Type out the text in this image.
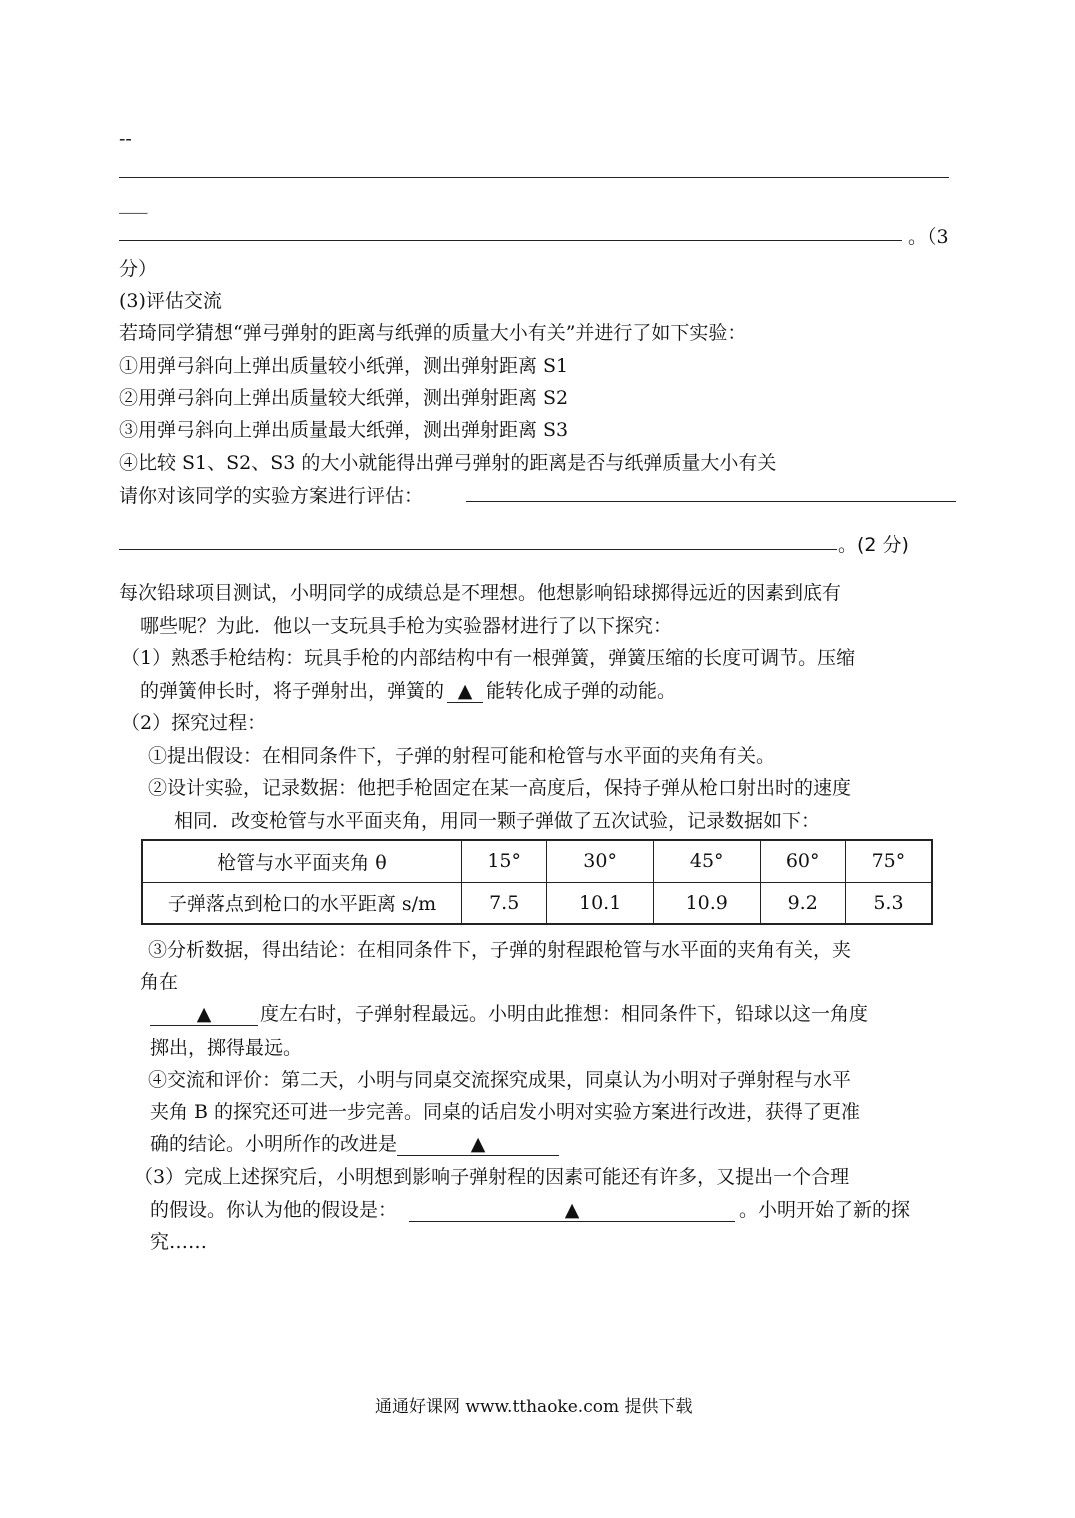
--
___
。（3
分）
(3)评估交流
若琦同学猜想“弹弓弹射的距离与纸弹的质量大小有关”并进行了如下实验：
①用弹弓斜向上弹出质量较小纸弹，测出弹射距离 S1
②用弹弓斜向上弹出质量较大纸弹，测出弹射距离 S2
③用弹弓斜向上弹出质量最大纸弹，测出弹射距离 S3
④比较 S1、S2、S3 的大小就能得出弹弓弹射的距离是否与纸弹质量大小有关
请你对该同学的实验方案进行评估：
。(2 分)
每次铅球项目测试，小明同学的成绩总是不理想。他想影响铅球掷得远近的因素到底有
哪些呢？为此．他以一支玩具手枪为实验器材进行了以下探究：
（1）熟悉手枪结构：玩具手枪的内部结构中有一根弹簧，弹簧压缩的长度可调节。压缩
的弹簧伸长时，将子弹射出，弹簧的 ▲ 能转化成子弹的动能。
（2）探究过程：
①提出假设：在相同条件下，子弹的射程可能和枪管与水平面的夹角有关。
②设计实验，记录数据：他把手枪固定在某一高度后，保持子弹从枪口射出时的速度
相同．改变枪管与水平面夹角，用同一颗子弹做了五次试验，记录数据如下：
枪管与水平面夹角 θ	15°	30°	45°	60°	75°
子弹落点到枪口的水平距离 s/m	7.5	10.1	10.9	9.2	5.3
③分析数据，得出结论：在相同条件下，子弹的射程跟枪管与水平面的夹角有关，夹
角在
▲	度左右时，子弹射程最远。小明由此推想：相同条件下，铅球以这一角度
掷出，掷得最远。
④交流和评价：第二天，小明与同桌交流探究成果，同桌认为小明对子弹射程与水平
夹角 B 的探究还可进一步完善。同桌的话启发小明对实验方案进行改进，获得了更准
确的结论。小明所作的改进是	▲
（3）完成上述探究后，小明想到影响子弹射程的因素可能还有许多，又提出一个合理
的假设。你认为他的假设是：	▲	。小明开始了新的探
究……
通通好课网 www.tthaoke.com 提供下载
